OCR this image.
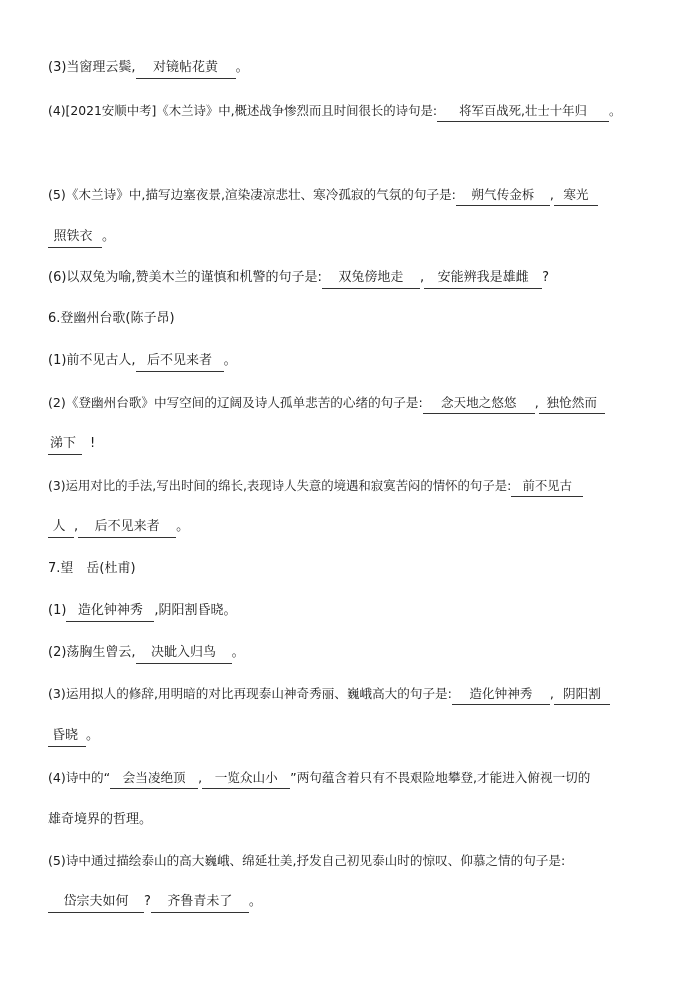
(3)当窗理云鬓, 对镜帖花黄 。
(4)[2021安顺中考]《木兰诗》中,概述战争惨烈而且时间很长的诗句是: 将军百战死,壮士十年归 。
(5)《木兰诗》中,描写边塞夜景,渲染凄凉悲壮、寒冷孤寂的气氛的句子是: 朔气传金柝 , 寒光
照铁衣 。
(6)以双兔为喻,赞美木兰的谨慎和机警的句子是: 双兔傍地走 , 安能辨我是雄雌 ?
6.登幽州台歌(陈子昂)
(1)前不见古人, 后不见来者 。
(2)《登幽州台歌》中写空间的辽阔及诗人孤单悲苦的心绪的句子是: 念天地之悠悠 , 独怆然而
涕下 !
(3)运用对比的手法,写出时间的绵长,表现诗人失意的境遇和寂寞苦闷的情怀的句子是: 前不见古
人 , 后不见来者 。
7.望　岳(杜甫)
(1) 造化钟神秀 ,阴阳割昏晓。
(2)荡胸生曾云, 决眦入归鸟 。
(3)运用拟人的修辞,用明暗的对比再现泰山神奇秀丽、巍峨高大的句子是: 造化钟神秀 , 阴阳割
昏晓 。
(4)诗中的“ 会当凌绝顶 , 一览众山小 ”两句蕴含着只有不畏艰险地攀登,才能进入俯视一切的
雄奇境界的哲理。
(5)诗中通过描绘泰山的高大巍峨、绵延壮美,抒发自己初见泰山时的惊叹、仰慕之情的句子是:
岱宗夫如何 ? 齐鲁青未了 。
